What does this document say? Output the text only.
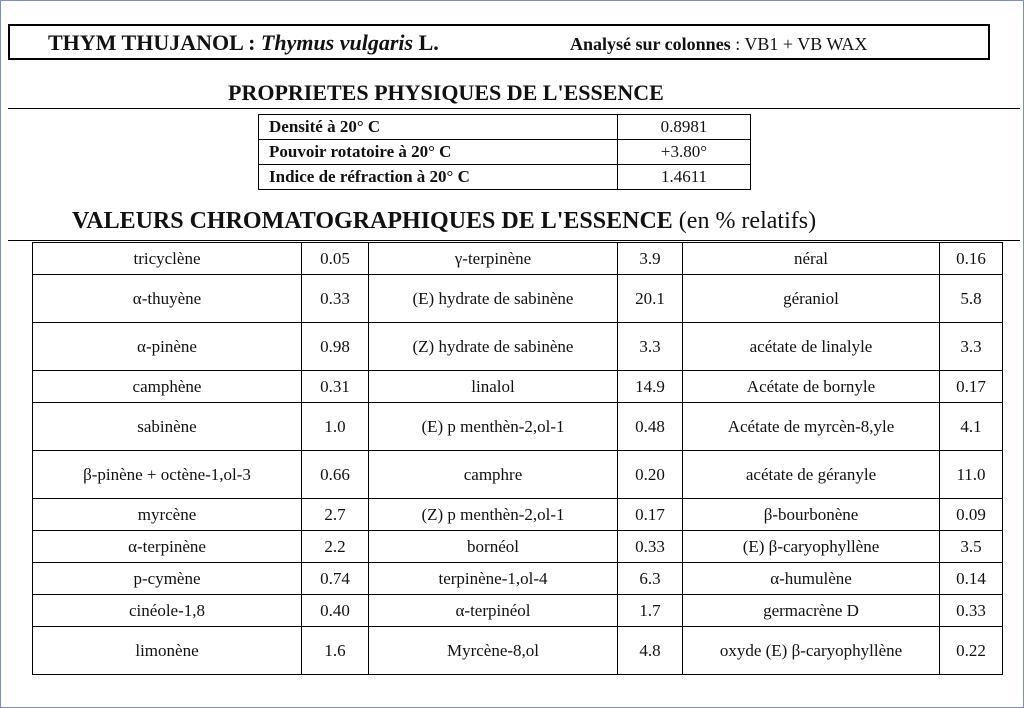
THYM THUJANOL : Thymus vulgaris L.	Analysé sur colonnes : VB1 + VB WAX
PROPRIETES PHYSIQUES DE L'ESSENCE
Densité à 20° C	0.8981
Pouvoir rotatoire à 20° C	+3.80°
Indice de réfraction à 20° C	1.4611
VALEURS CHROMATOGRAPHIQUES DE L'ESSENCE (en % relatifs)
tricyclène	0.05	γ-terpinène	3.9	néral	0.16
α-thuyène	0.33	(E) hydrate de sabinène	20.1	géraniol	5.8
α-pinène	0.98	(Z) hydrate de sabinène	3.3	acétate de linalyle	3.3
camphène	0.31	linalol	14.9	Acétate de bornyle	0.17
sabinène	1.0	(E) p menthèn-2,ol-1	0.48	Acétate de myrcèn-8,yle	4.1
β-pinène + octène-1,ol-3	0.66	camphre	0.20	acétate de géranyle	11.0
myrcène	2.7	(Z) p menthèn-2,ol-1	0.17	β-bourbonène	0.09
α-terpinène	2.2	bornéol	0.33	(E) β-caryophyllène	3.5
p-cymène	0.74	terpinène-1,ol-4	6.3	α-humulène	0.14
cinéole-1,8	0.40	α-terpinéol	1.7	germacrène D	0.33
limonène	1.6	Myrcène-8,ol	4.8	oxyde (E) β-caryophyllène	0.22
